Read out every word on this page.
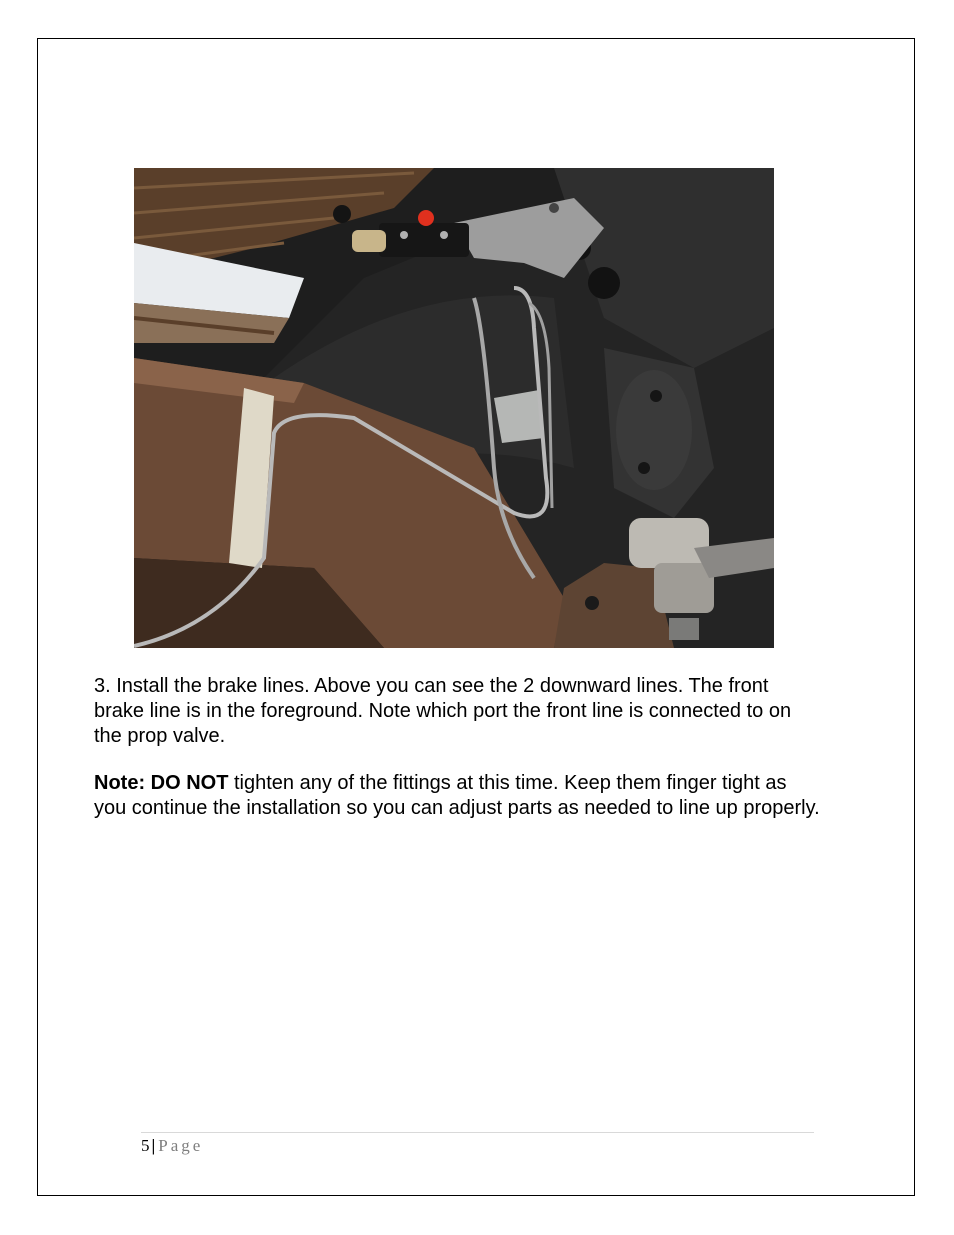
3. Install the brake lines. Above you can see the 2 downward lines. The front brake line is in the foreground. Note which port the front line is connected to on the prop valve.

Note: DO NOT tighten any of the fittings at this time. Keep them finger tight as you continue the installation so you can adjust parts as needed to line up properly.

5 | Page
